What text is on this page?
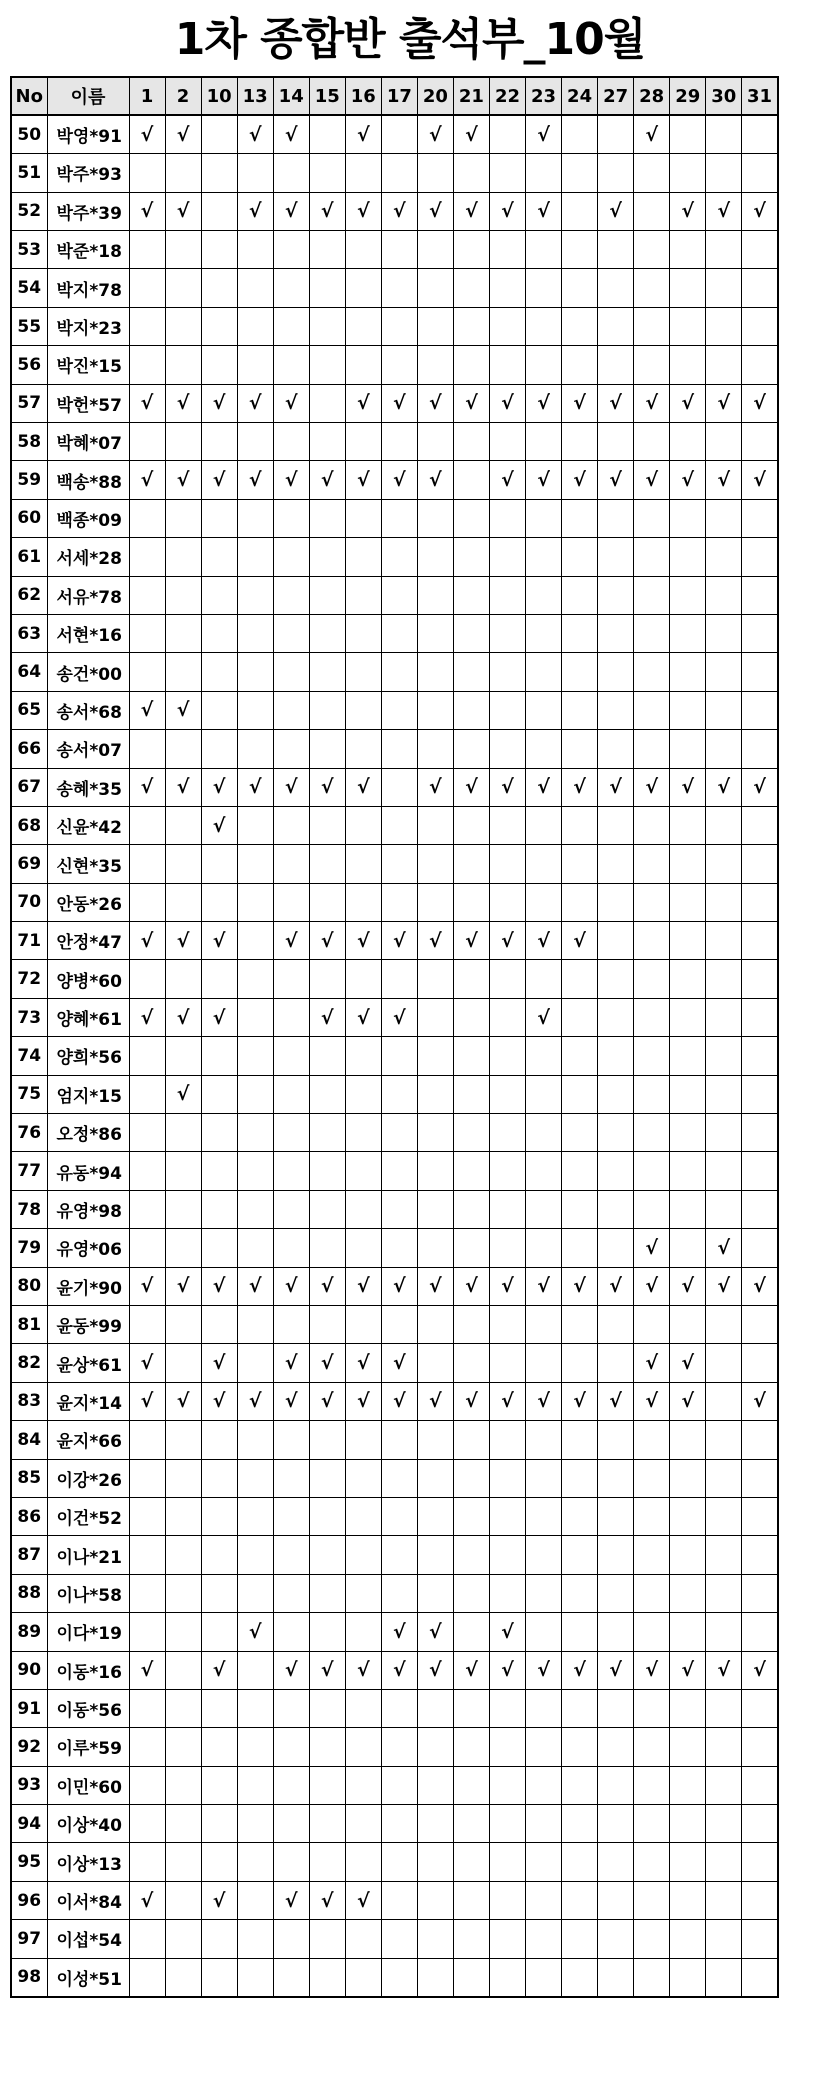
1차 종합반 출석부_10월
No	이름	1	2	10	13	14	15	16	17	20	21	22	23	24	27	28	29	30	31
50	박영*91	√	√		√	√		√		√	√		√			√			
51	박주*93																		
52	박주*39	√	√		√	√	√	√	√	√	√	√	√		√		√	√	√
53	박준*18																		
54	박지*78																		
55	박지*23																		
56	박진*15																		
57	박헌*57	√	√	√	√	√		√	√	√	√	√	√	√	√	√	√	√	√
58	박혜*07																		
59	백송*88	√	√	√	√	√	√	√	√	√		√	√	√	√	√	√	√	√
60	백종*09																		
61	서세*28																		
62	서유*78																		
63	서현*16																		
64	송건*00																		
65	송서*68	√	√																
66	송서*07																		
67	송혜*35	√	√	√	√	√	√	√		√	√	√	√	√	√	√	√	√	√
68	신윤*42			√															
69	신현*35																		
70	안동*26																		
71	안정*47	√	√	√		√	√	√	√	√	√	√	√	√					
72	양병*60																		
73	양혜*61	√	√	√			√	√	√				√						
74	양희*56																		
75	엄지*15		√																
76	오정*86																		
77	유동*94																		
78	유영*98																		
79	유영*06															√		√	
80	윤기*90	√	√	√	√	√	√	√	√	√	√	√	√	√	√	√	√	√	√
81	윤동*99																		
82	윤상*61	√		√		√	√	√	√							√	√		
83	윤지*14	√	√	√	√	√	√	√	√	√	√	√	√	√	√	√	√		√
84	윤지*66																		
85	이강*26																		
86	이건*52																		
87	이나*21																		
88	이나*58																		
89	이다*19				√				√	√		√							
90	이동*16	√		√		√	√	√	√	√	√	√	√	√	√	√	√	√	√
91	이동*56																		
92	이루*59																		
93	이민*60																		
94	이상*40																		
95	이상*13																		
96	이서*84	√		√		√	√	√											
97	이섭*54																		
98	이성*51																		
